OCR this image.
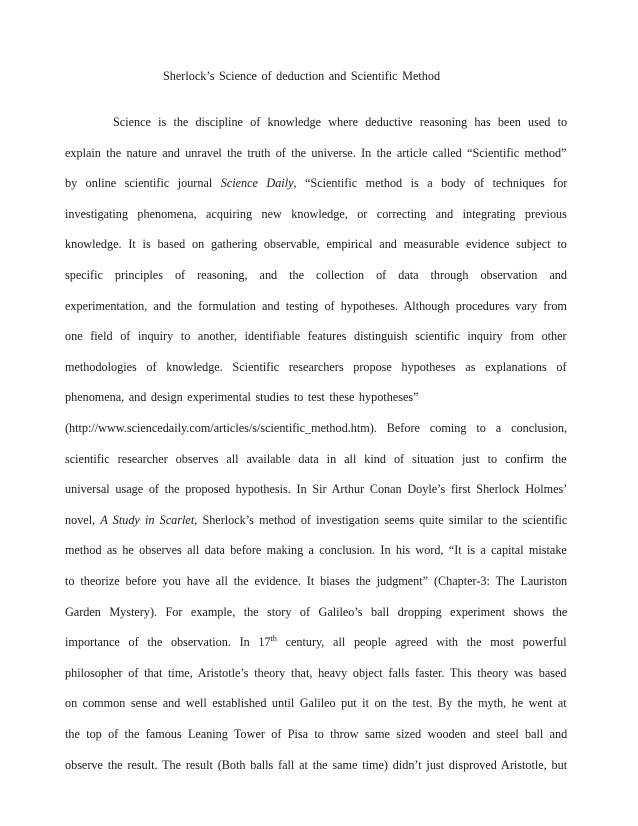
Sherlock’s Science of deduction and Scientific Method
Science is the discipline of knowledge where deductive reasoning has been used to
explain the nature and unravel the truth of the universe. In the article called “Scientific method”
by online scientific journal Science Daily, “Scientific method is a body of techniques for
investigating phenomena, acquiring new knowledge, or correcting and integrating previous
knowledge. It is based on gathering observable, empirical and measurable evidence subject to
specific principles of reasoning, and the collection of data through observation and
experimentation, and the formulation and testing of hypotheses. Although procedures vary from
one field of inquiry to another, identifiable features distinguish scientific inquiry from other
methodologies of knowledge. Scientific researchers propose hypotheses as explanations of
phenomena, and design experimental studies to test these hypotheses”
(http://www.sciencedaily.com/articles/s/scientific_method.htm). Before coming to a conclusion,
scientific researcher observes all available data in all kind of situation just to confirm the
universal usage of the proposed hypothesis. In Sir Arthur Conan Doyle’s first Sherlock Holmes’
novel, A Study in Scarlet, Sherlock’s method of investigation seems quite similar to the scientific
method as he observes all data before making a conclusion. In his word, “It is a capital mistake
to theorize before you have all the evidence. It biases the judgment” (Chapter-3: The Lauriston
Garden Mystery). For example, the story of Galileo’s ball dropping experiment shows the
importance of the observation. In 17th century, all people agreed with the most powerful
philosopher of that time, Aristotle’s theory that, heavy object falls faster. This theory was based
on common sense and well established until Galileo put it on the test. By the myth, he went at
the top of the famous Leaning Tower of Pisa to throw same sized wooden and steel ball and
observe the result. The result (Both balls fall at the same time) didn’t just disproved Aristotle, but
